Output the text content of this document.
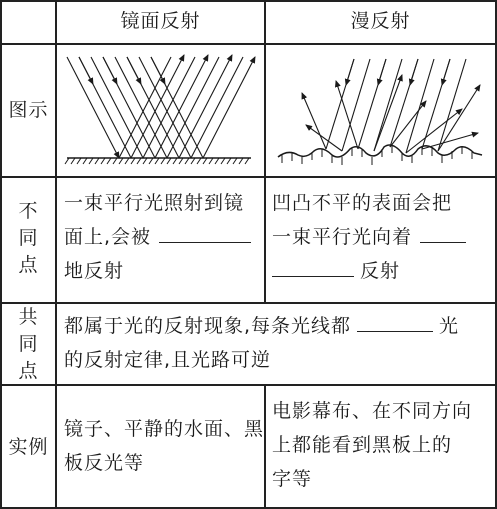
镜面反射	漫反射
图示
不同点
一束平行光照射到镜
面上,会被
地反射
凹凸不平的表面会把
一束平行光向着
反射
共同点
都属于光的反射现象,每条光线都	光
的反射定律,且光路可逆
实例
镜子、平静的水面、黑
板反光等
电影幕布、在不同方向
上都能看到黑板上的
字等
